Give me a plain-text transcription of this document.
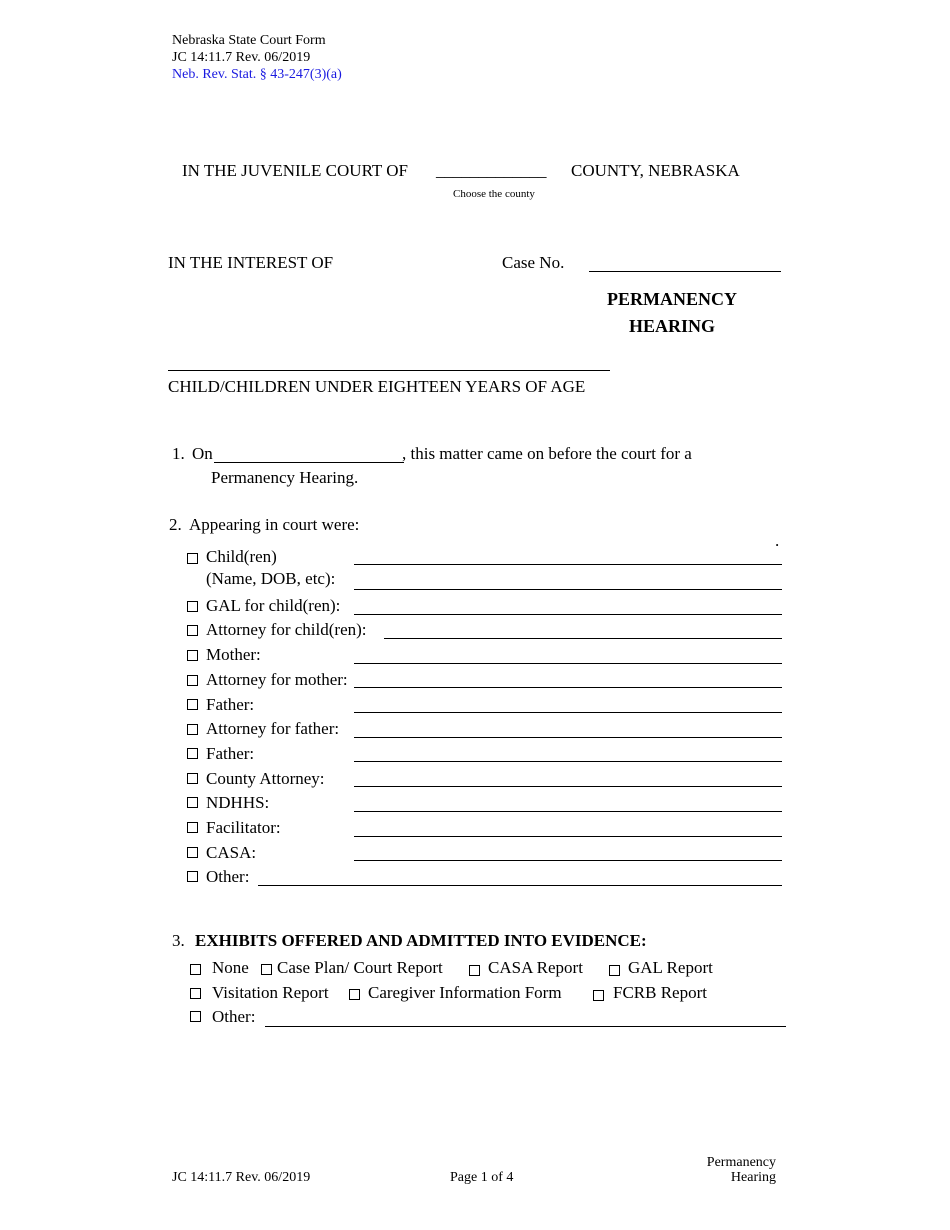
Nebraska State Court Form
JC 14:11.7 Rev. 06/2019
Neb. Rev. Stat. § 43-247(3)(a)
IN THE JUVENILE COURT OF _____________ COUNTY, NEBRASKA
Choose the county
IN THE INTEREST OF	Case No.
PERMANENCY
HEARING
CHILD/CHILDREN UNDER EIGHTEEN YEARS OF AGE
1. On	, this matter came on before the court for a
Permanency Hearing.
2. Appearing in court were:
.
Child(ren)
(Name, DOB, etc):
GAL for child(ren):
Attorney for child(ren):
Mother:
Attorney for mother:
Father:
Attorney for father:
Father:
County Attorney:
NDHHS:
Facilitator:
CASA:
Other:
3. EXHIBITS OFFERED AND ADMITTED INTO EVIDENCE:
None Case Plan/ Court Report	CASA Report	GAL Report
Visitation Report Caregiver Information Form	FCRB Report
Other:
JC 14:11.7 Rev. 06/2019	Page 1 of 4
Permanency
Hearing
